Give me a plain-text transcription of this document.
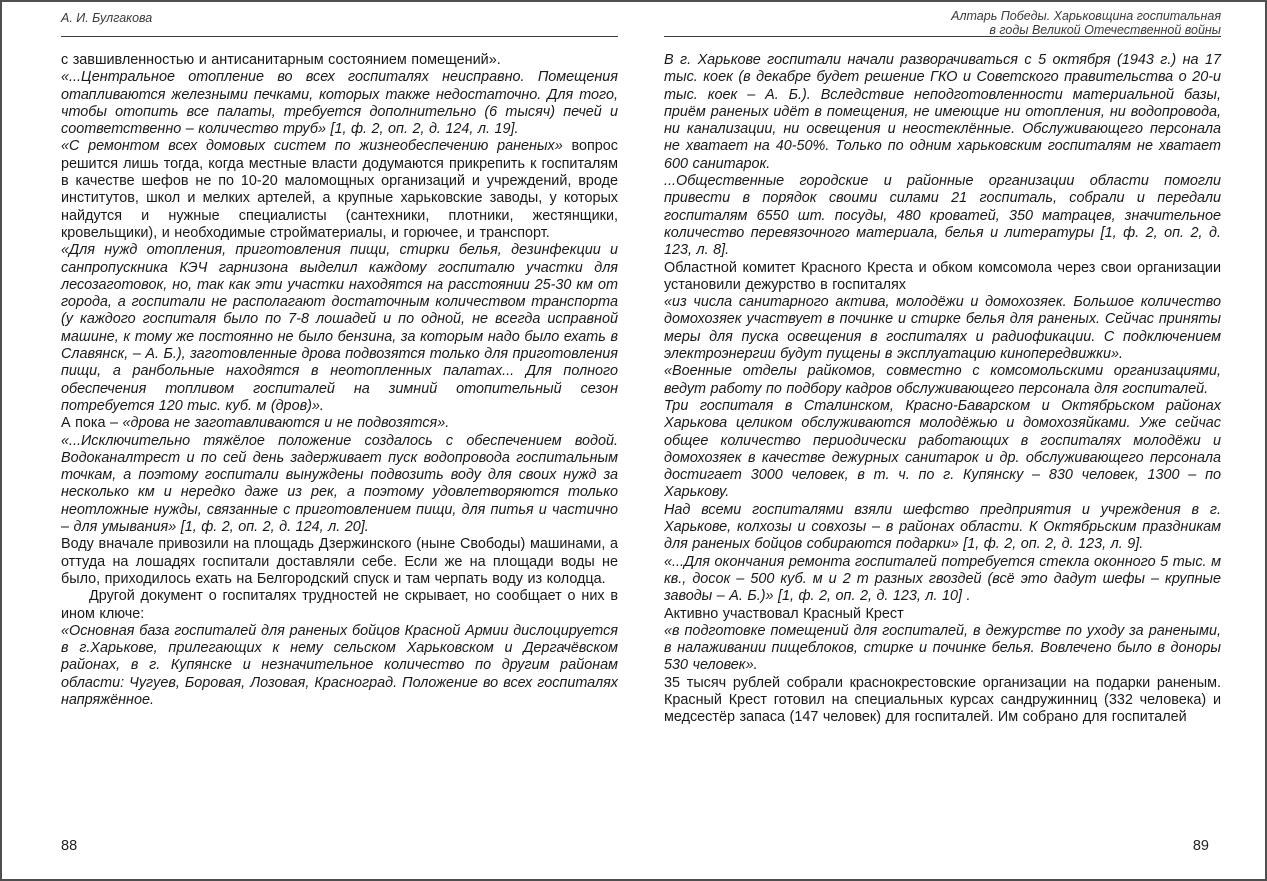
А. И. Булгакова

с завшивленностью и антисанитарным состоянием помещений».

«...Центральное отопление во всех госпиталях неисправно. Помещения отапливаются железными печками, которых также недостаточно. Для того, чтобы отопить все палаты, требуется дополнительно (6 тысяч) печей и соответственно – количество труб» [1, ф. 2, оп. 2, д. 124, л. 19].

«С ремонтом всех домовых систем по жизнеобеспечению раненых» вопрос решится лишь тогда, когда местные власти додумаются прикрепить к госпиталям в качестве шефов не по 10-20 маломощных организаций и учреждений, вроде институтов, школ и мелких артелей, а крупные харьковские заводы, у которых найдутся и нужные специалисты (сантехники, плотники, жестянщики, кровельщики), и необходимые стройматериалы, и горючее, и транспорт.

«Для нужд отопления, приготовления пищи, стирки белья, дезинфекции и санпропускника КЭЧ гарнизона выделил каждому госпиталю участки для лесозаготовок, но, так как эти участки находятся на расстоянии 25-30 км от города, а госпитали не располагают достаточным количеством транспорта (у каждого госпиталя было по 7-8 лошадей и по одной, не всегда исправной машине, к тому же постоянно не было бензина, за которым надо было ехать в Славянск, – А. Б.), заготовленные дрова подвозятся только для приготовления пищи, а ранбольные находятся в неотопленных палатах... Для полного обеспечения топливом госпиталей на зимний отопительный сезон потребуется 120 тыс. куб. м (дров)».

А пока – «дрова не заготавливаются и не подвозятся».

«...Исключительно тяжёлое положение создалось с обеспечением водой. Водоканалтрест и по сей день задерживает пуск водопровода госпитальным точкам, а поэтому госпитали вынуждены подвозить воду для своих нужд за несколько км и нередко даже из рек, а поэтому удовлетворяются только неотложные нужды, связанные с приготовлением пищи, для питья и частично – для умывания» [1, ф. 2, оп. 2, д. 124, л. 20].

Воду вначале привозили на площадь Дзержинского (ныне Свободы) машинами, а оттуда на лошадях госпитали доставляли себе. Если же на площади воды не было, приходилось ехать на Белгородский спуск и там черпать воду из колодца.

Другой документ о госпиталях трудностей не скрывает, но сообщает о них в ином ключе:

«Основная база госпиталей для раненых бойцов Красной Армии дислоцируется в г.Харькове, прилегающих к нему сельском Харьковском и Дергачёвском районах, в г. Купянске и незначительное количество по другим районам области: Чугуев, Боровая, Лозовая, Красноград. Положение во всех госпиталях напряжённое.

88
Алтарь Победы. Харьковщина госпитальная
в годы Великой Отечественной войны

В г. Харькове госпитали начали разворачиваться с 5 октября (1943 г.) на 17 тыс. коек (в декабре будет решение ГКО и Советского правительства о 20-и тыс. коек – А. Б.). Вследствие неподготовленности материальной базы, приём раненых идёт в помещения, не имеющие ни отопления, ни водопровода, ни канализации, ни освещения и неостеклённые. Обслуживающего персонала не хватает на 40-50%. Только по одним харьковским госпиталям не хватает 600 санитарок.

...Общественные городские и районные организации области помогли привести в порядок своими силами 21 госпиталь, собрали и передали госпиталям 6550 шт. посуды, 480 кроватей, 350 матрацев, значительное количество перевязочного материала, белья и литературы [1, ф. 2, оп. 2, д. 123, л. 8].

Областной комитет Красного Креста и обком комсомола через свои организации установили дежурство в госпиталях

«из числа санитарного актива, молодёжи и домохозяек. Большое количество домохозяек участвует в починке и стирке белья для раненых. Сейчас приняты меры для пуска освещения в госпиталях и радиофикации. С подключением электроэнергии будут пущены в эксплуатацию кинопередвижки».

«Военные отделы райкомов, совместно с комсомольскими организациями, ведут работу по подбору кадров обслуживающего персонала для госпиталей.

Три госпиталя в Сталинском, Красно-Баварском и Октябрьском районах Харькова целиком обслуживаются молодёжью и домохозяйками. Уже сейчас общее количество периодически работающих в госпиталях молодёжи и домохозяек в качестве дежурных санитарок и др. обслуживающего персонала достигает 3000 человек, в т. ч. по г. Купянску – 830 человек, 1300 – по Харькову.

Над всеми госпиталями взяли шефство предприятия и учреждения в г. Харькове, колхозы и совхозы – в районах области. К Октябрьским праздникам для раненых бойцов собираются подарки» [1, ф. 2, оп. 2, д. 123, л. 9].

«...Для окончания ремонта госпиталей потребуется стекла оконного 5 тыс. м кв., досок – 500 куб. м и 2 т разных гвоздей (всё это дадут шефы – крупные заводы – А. Б.)» [1, ф. 2, оп. 2, д. 123, л. 10] .

Активно участвовал Красный Крест

«в подготовке помещений для госпиталей, в дежурстве по уходу за ранеными, в налаживании пищеблоков, стирке и починке белья. Вовлечено было в доноры 530 человек».

35 тысяч рублей собрали краснокрестовские организации на подарки раненым. Красный Крест готовил на специальных курсах сандружинниц (332 человека) и медсестёр запаса (147 человек) для госпиталей. Им собрано для госпиталей

89
